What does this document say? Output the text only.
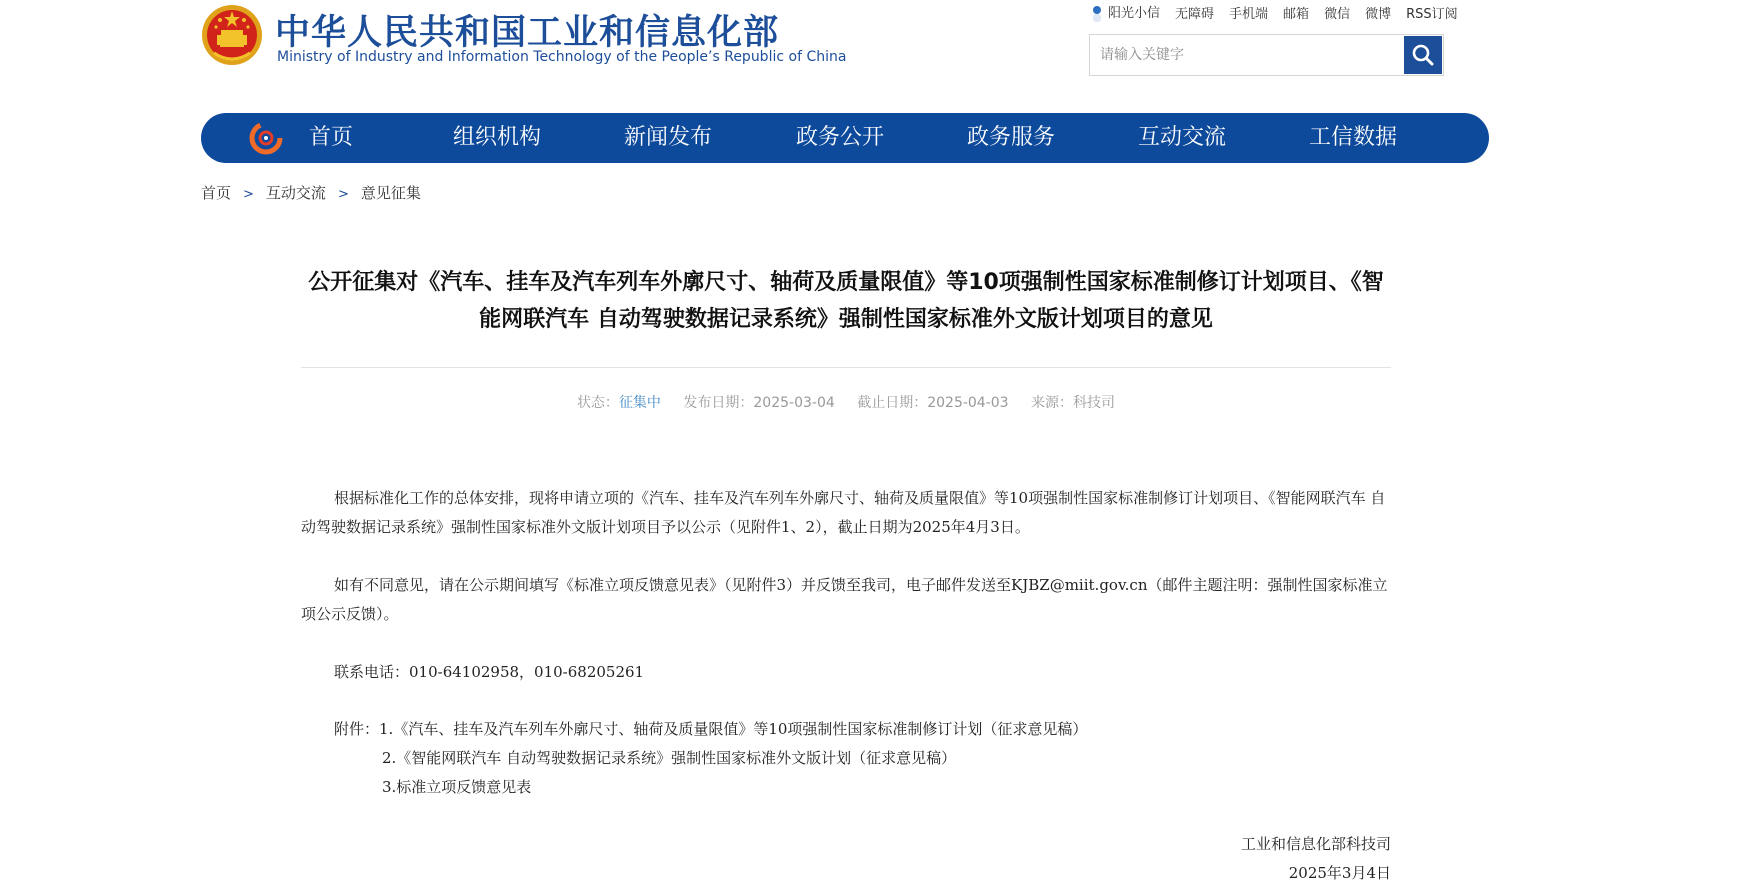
中华人民共和国工业和信息化部
Ministry of Industry and Information Technology of the People’s Republic of China
阳光小信 无障碍 手机端 邮箱 微信 微博 RSS订阅
请输入关键字
首页	组织机构	新闻发布	政务公开	政务服务	互动交流	工信数据
首页 > 互动交流 > 意见征集
公开征集对《汽车、挂车及汽车列车外廓尺寸、轴荷及质量限值》等10项强制性国家标准制修订计划项目、《智能网联汽车 自动驾驶数据记录系统》强制性国家标准外文版计划项目的意见
状态：征集中 发布日期：2025-03-04 截止日期：2025-04-03 来源：科技司
根据标准化工作的总体安排，现将申请立项的《汽车、挂车及汽车列车外廓尺寸、轴荷及质量限值》等10项强制性国家标准制修订计划项目、《智能网联汽车 自动驾驶数据记录系统》强制性国家标准外文版计划项目予以公示（见附件1、2），截止日期为2025年4月3日。
如有不同意见，请在公示期间填写《标准立项反馈意见表》（见附件3）并反馈至我司，电子邮件发送至KJBZ@miit.gov.cn（邮件主题注明：强制性国家标准立项公示反馈）。
联系电话：010-64102958，010-68205261
附件：1.《汽车、挂车及汽车列车外廓尺寸、轴荷及质量限值》等10项强制性国家标准制修订计划（征求意见稿）
2.《智能网联汽车 自动驾驶数据记录系统》强制性国家标准外文版计划（征求意见稿）
3.标准立项反馈意见表
工业和信息化部科技司
2025年3月4日
